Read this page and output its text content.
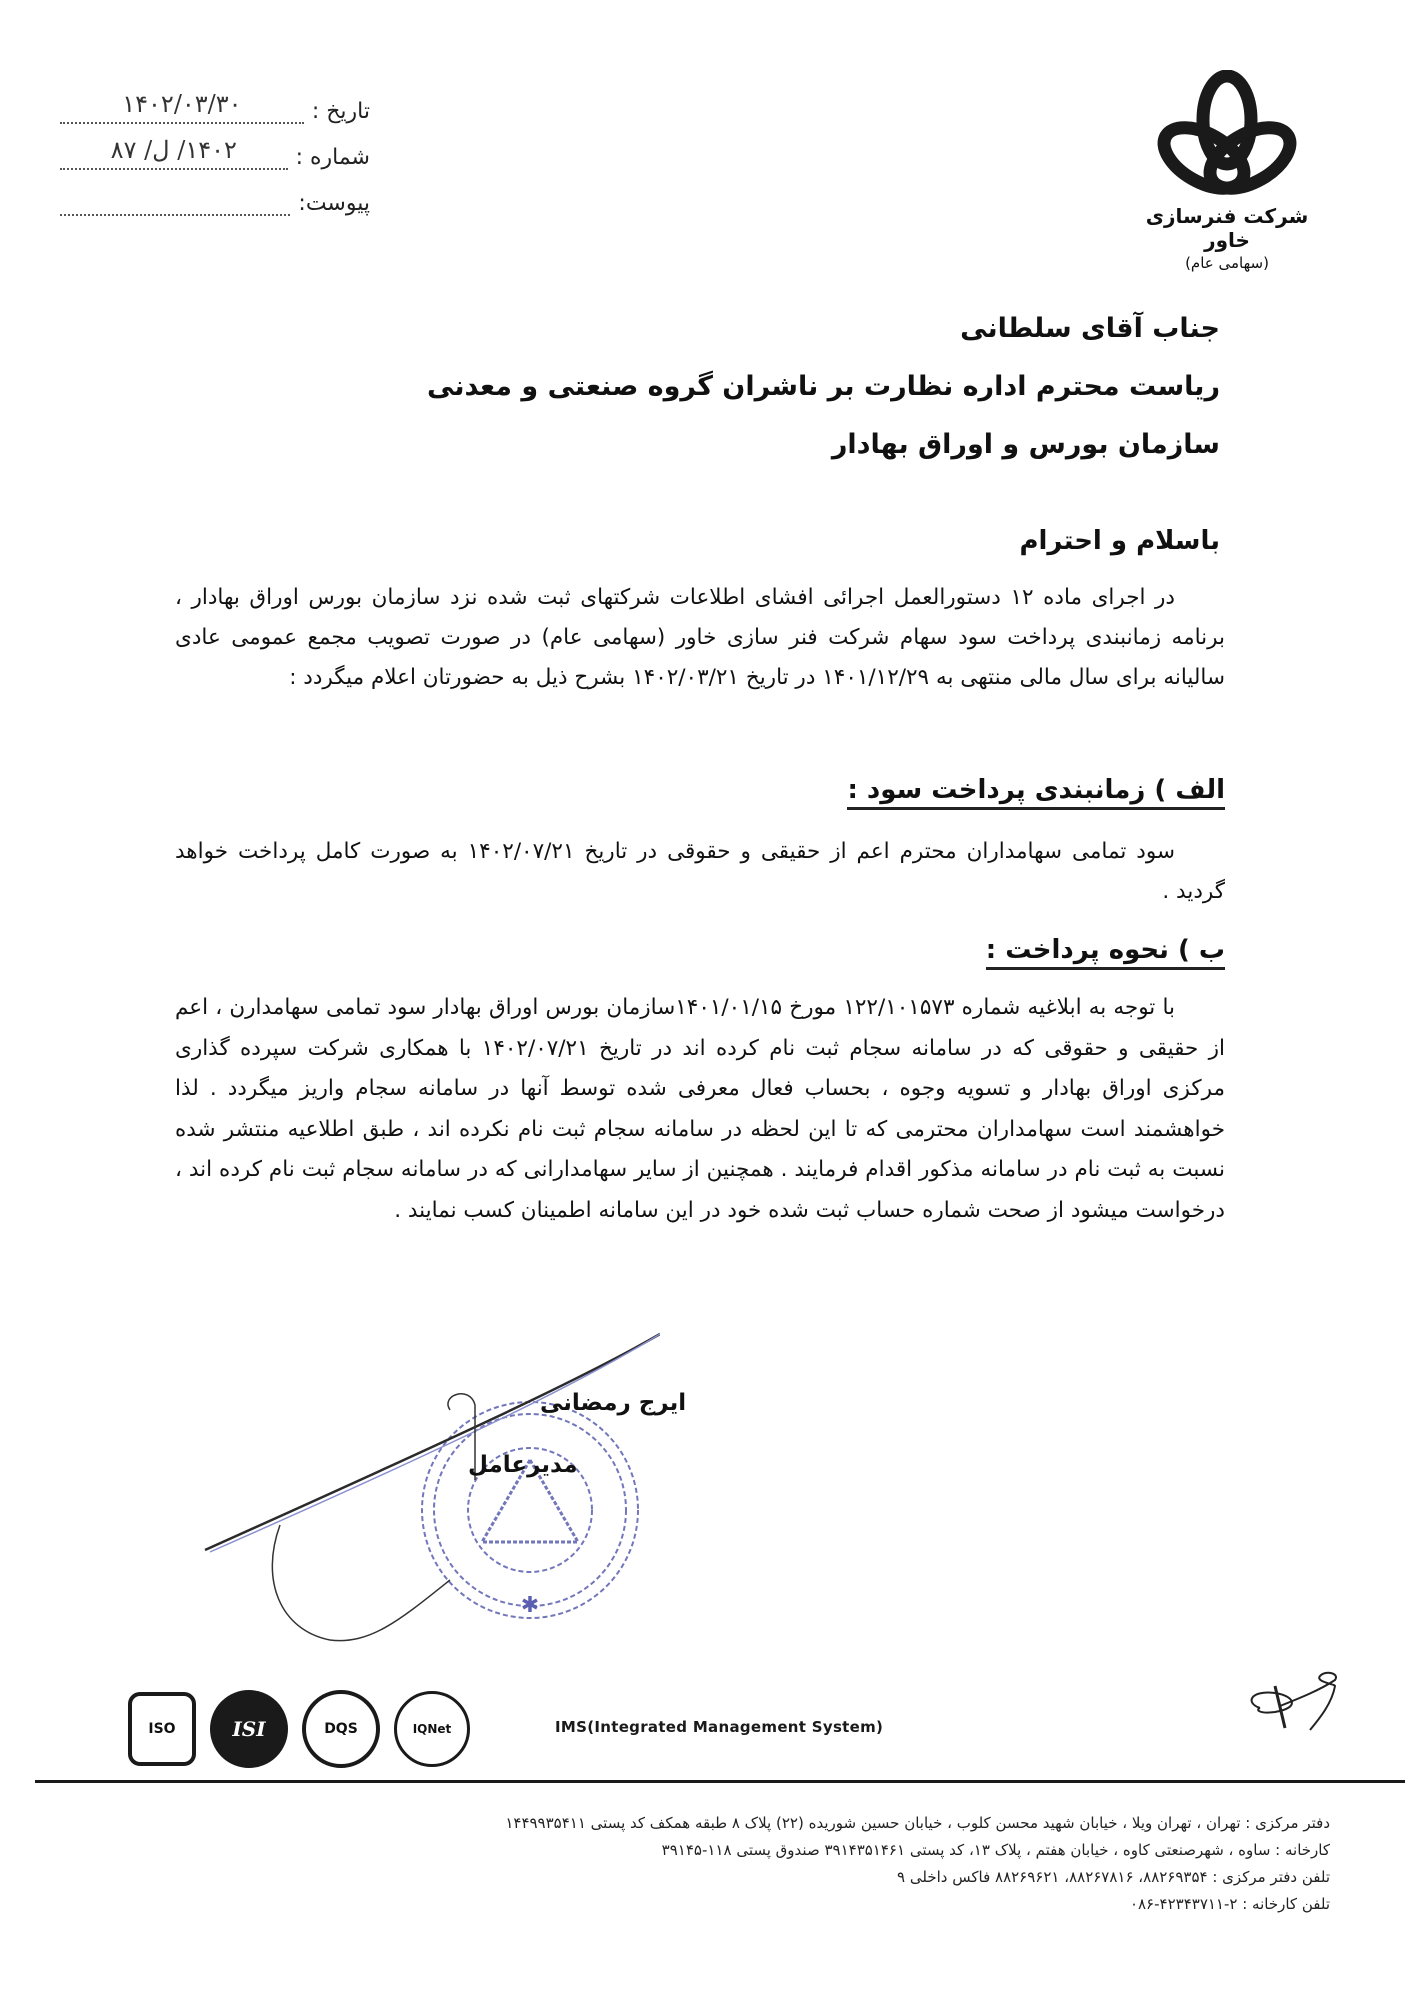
تاریخ :
۱۴۰۲/۰۳/۳۰
شماره :
۱۴۰۲/ ل/ ۸۷
پیوست:	شرکت فنرسازی خاور
(سهامی عام)
جناب آقای سلطانی
ریاست محترم اداره نظارت بر ناشران گروه صنعتی و معدنی
سازمان بورس و اوراق بهادار
باسلام و احترام
در اجرای ماده ۱۲ دستورالعمل اجرائی افشای اطلاعات شرکتهای ثبت شده نزد سازمان بورس اوراق بهادار ، برنامه زمانبندی پرداخت سود سهام شرکت فنر سازی خاور (سهامی عام) در صورت تصویب مجمع عمومی عادی سالیانه برای سال مالی منتهی به ۱۴۰۱/۱۲/۲۹ در تاریخ ۱۴۰۲/۰۳/۲۱ بشرح ذیل به حضورتان اعلام میگردد :
الف ) زمانبندی پرداخت سود :
سود تمامی سهامداران محترم اعم از حقیقی و حقوقی در تاریخ ۱۴۰۲/۰۷/۲۱ به صورت کامل پرداخت خواهد گردید .
ب ) نحوه پرداخت :
با توجه به ابلاغیه شماره ۱۲۲/۱۰۱۵۷۳ مورخ ۱۴۰۱/۰۱/۱۵سازمان بورس اوراق بهادار سود تمامی سهامدارن ، اعم از حقیقی و حقوقی که در سامانه سجام ثبت نام کرده اند در تاریخ ۱۴۰۲/۰۷/۲۱ با همکاری شرکت سپرده گذاری مرکزی اوراق بهادار و تسویه وجوه ، بحساب فعال معرفی شده توسط آنها در سامانه سجام واریز میگردد . لذا خواهشمند است سهامداران محترمی که تا این لحظه در سامانه سجام ثبت نام نکرده اند ، طبق اطلاعیه منتشر شده نسبت به ثبت نام در سامانه مذکور اقدام فرمایند . همچنین از سایر سهامدارانی که در سامانه سجام ثبت نام کرده اند ، درخواست میشود از صحت شماره حساب ثبت شده خود در این سامانه اطمینان کسب نمایند .
✱
ایرج رمضانی
مدیرعامل
ISO	ISI	DQS	IQNet	IMS(Integrated Management System)
دفتر مرکزی : تهران ، تهران ویلا ، خیابان شهید محسن کلوب ، خیابان حسین شوریده (۲۲) پلاک ۸ طبقه همکف کد پستی ۱۴۴۹۹۳۵۴۱۱
کارخانه : ساوه ، شهرصنعتی کاوه ، خیابان هفتم ، پلاک ۱۳، کد پستی ۳۹۱۴۳۵۱۴۶۱ صندوق پستی ۱۱۸-۳۹۱۴۵
تلفن دفتر مرکزی : ۸۸۲۶۹۳۵۴، ۸۸۲۶۷۸۱۶، ۸۸۲۶۹۶۲۱ فاکس داخلی ۹
تلفن کارخانه : ۲-۴۲۳۴۳۷۱۱-۰۸۶
